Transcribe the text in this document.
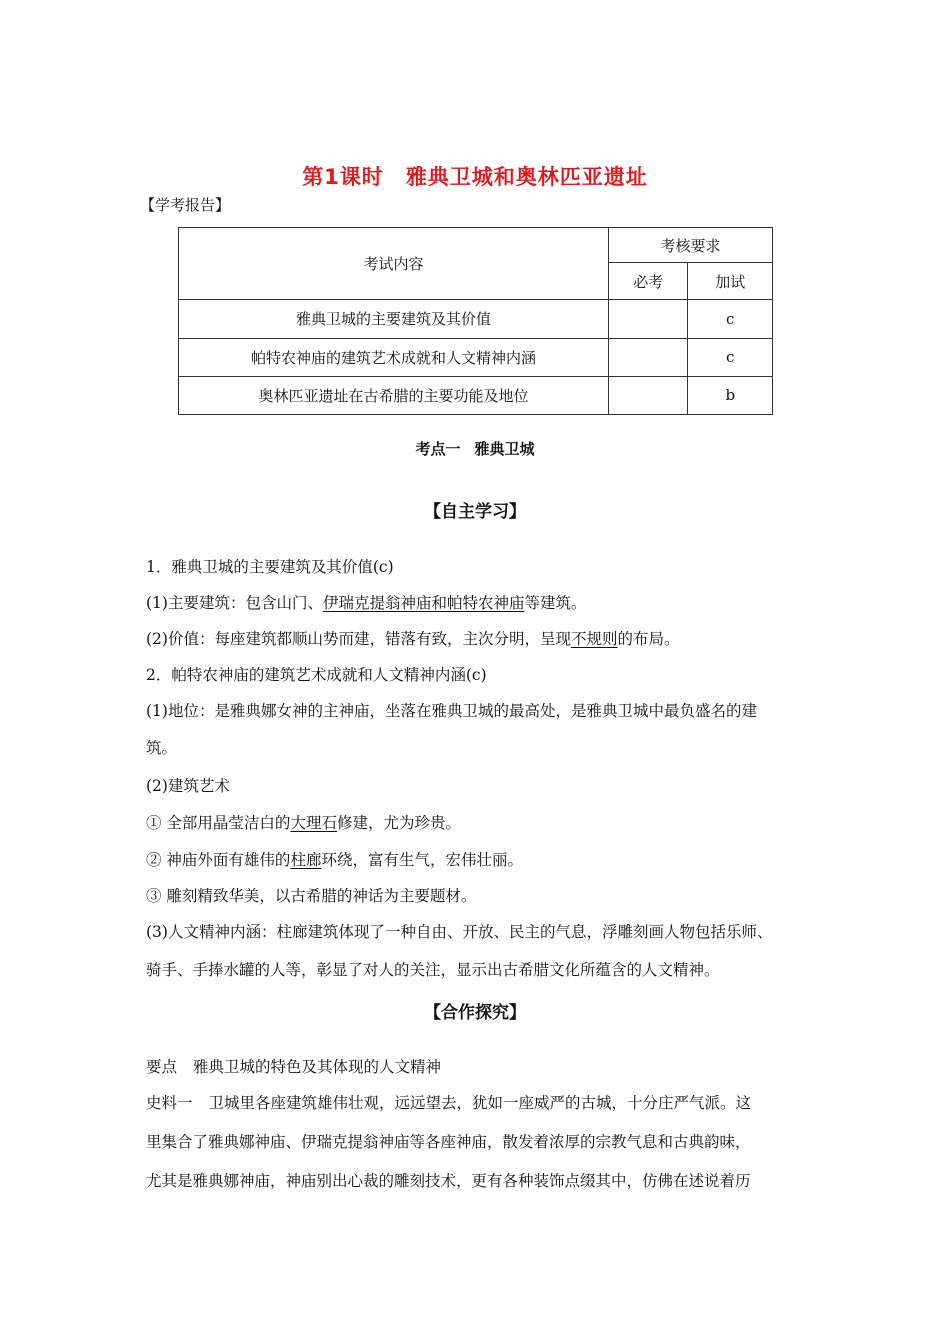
第1课时 雅典卫城和奥林匹亚遗址
【学考报告】
考试内容	考核要求	
	必考	加试
雅典卫城的主要建筑及其价值		c
帕特农神庙的建筑艺术成就和人文精神内涵		c
奥林匹亚遗址在古希腊的主要功能及地位		b
考点一 雅典卫城
【自主学习】
1．雅典卫城的主要建筑及其价值(c)
(1)主要建筑：包含山门、伊瑞克提翁神庙和帕特农神庙等建筑。
(2)价值：每座建筑都顺山势而建，错落有致，主次分明，呈现不规则的布局。
2．帕特农神庙的建筑艺术成就和人文精神内涵(c)
(1)地位：是雅典娜女神的主神庙，坐落在雅典卫城的最高处，是雅典卫城中最负盛名的建
筑。
(2)建筑艺术
① 全部用晶莹洁白的大理石修建，尤为珍贵。
② 神庙外面有雄伟的柱廊环绕，富有生气，宏伟壮丽。
③ 雕刻精致华美，以古希腊的神话为主要题材。
(3)人文精神内涵：柱廊建筑体现了一种自由、开放、民主的气息，浮雕刻画人物包括乐师、
骑手、手捧水罐的人等，彰显了对人的关注，显示出古希腊文化所蕴含的人文精神。
【合作探究】
要点 雅典卫城的特色及其体现的人文精神
史料一 卫城里各座建筑雄伟壮观，远远望去，犹如一座威严的古城，十分庄严气派。这
里集合了雅典娜神庙、伊瑞克提翁神庙等各座神庙，散发着浓厚的宗教气息和古典韵味，
尤其是雅典娜神庙，神庙别出心裁的雕刻技术，更有各种装饰点缀其中，仿佛在述说着历
